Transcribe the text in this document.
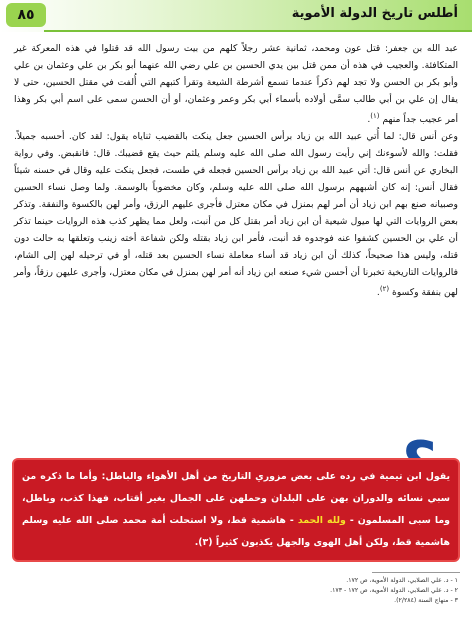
أطلس تاريخ الدولة الأموية
٨٥

عبد الله بن جعفر: قتل عون ومحمد، ثمانية عشر رجلاً كلهم من بيت رسول الله قد قتلوا في هذه المعركة غير المتكافئة. والعجيب في هذه أن ممن قتل بين يدي الحسين بن علي رضي الله عنهما أبو بكر بن علي وعثمان بن علي وأبو بكر بن الحسن ولا تجد لهم ذكراً عندما تسمع أشرطة الشيعة وتقرأ كتبهم التي أُلفت في مقتل الحسين، حتى لا يقال إن علي بن أبي طالب سمَّى أولاده بأسماء أبي بكر وعمر وعثمان، أو أن الحسن سمى على اسم أبي بكر وهذا أمر عجيب جداً منهم $^{(١)}$.

وعن أنس قال: لما أُتي عبيد الله بن زياد برأس الحسين جعل ينكت بالقضيب ثناياه يقول: لقد كان. أحسبه جميلاً. فقلت: والله لأسوءنك إني رأيت رسول الله صلى الله عليه وسلم يلثم حيث يقع قضيبك. قال: فانقبض. وفي رواية البخاري عن أنس قال: أتي عبيد الله بن زياد برأس الحسين فجعله في طست، فجعل ينكت عليه وقال في حسنه شيئاً فقال أنس: إنه كان أشبههم برسول الله صلى الله عليه وسلم، وكان مخضوباً بالوسمة. ولما وصل نساء الحسين وصبيانه صنع بهم ابن زياد أن أمر لهم بمنزل في مكان معتزل فأجرى عليهم الرزق، وأمر لهن بالكسوة والنفقة. وتذكر بعض الروايات التي لها ميول شيعية أن ابن زياد أمر بقتل كل من أنبت، ولعل مما يظهر كذب هذه الروايات حينما تذكر أن علي بن الحسين كشفوا عنه فوجدوه قد أنبت، فأمر ابن زياد بقتله ولكن شفاعة أخته زينب وتعلقها به حالت دون قتله، وليس هذا صحيحاً، كذلك أن ابن زياد قد أساء معاملة نساء الحسين بعد قتله، أو في ترحيله لهن إلى الشام، فالروايات التاريخية تخبرنا أن أحسن شيء صنعه ابن زياد أنه أمر لهن بمنزل في مكان معتزل، وأجرى عليهن رزقاً، وأمر لهن بنفقة وكسوة $^{(٢)}$.

يقول ابن تيمية في رده على بعض مزوري التاريخ من أهل الأهواء والباطل: وأما ما ذكره من سبي نسائه والدوران بهن على البلدان وحملهن على الجمال بغير أقتاب، فهذا كذب، وباطل، وما سبى المسلمون - ولله الحمد - هاشمية قط، ولا استحلت أمة محمد صلى الله عليه وسلم هاشمية قط، ولكن أهل الهوى والجهل يكذبون كثيراً (٣).
١ - د. علي الصلابي، الدولة الأموية، ص ١٧٢.
٢ - د. علي الصلابي، الدولة الأموية، ص ١٧٢ - ١٧٣.
٣ - منهاج السنة (٢/٢٨٤).
